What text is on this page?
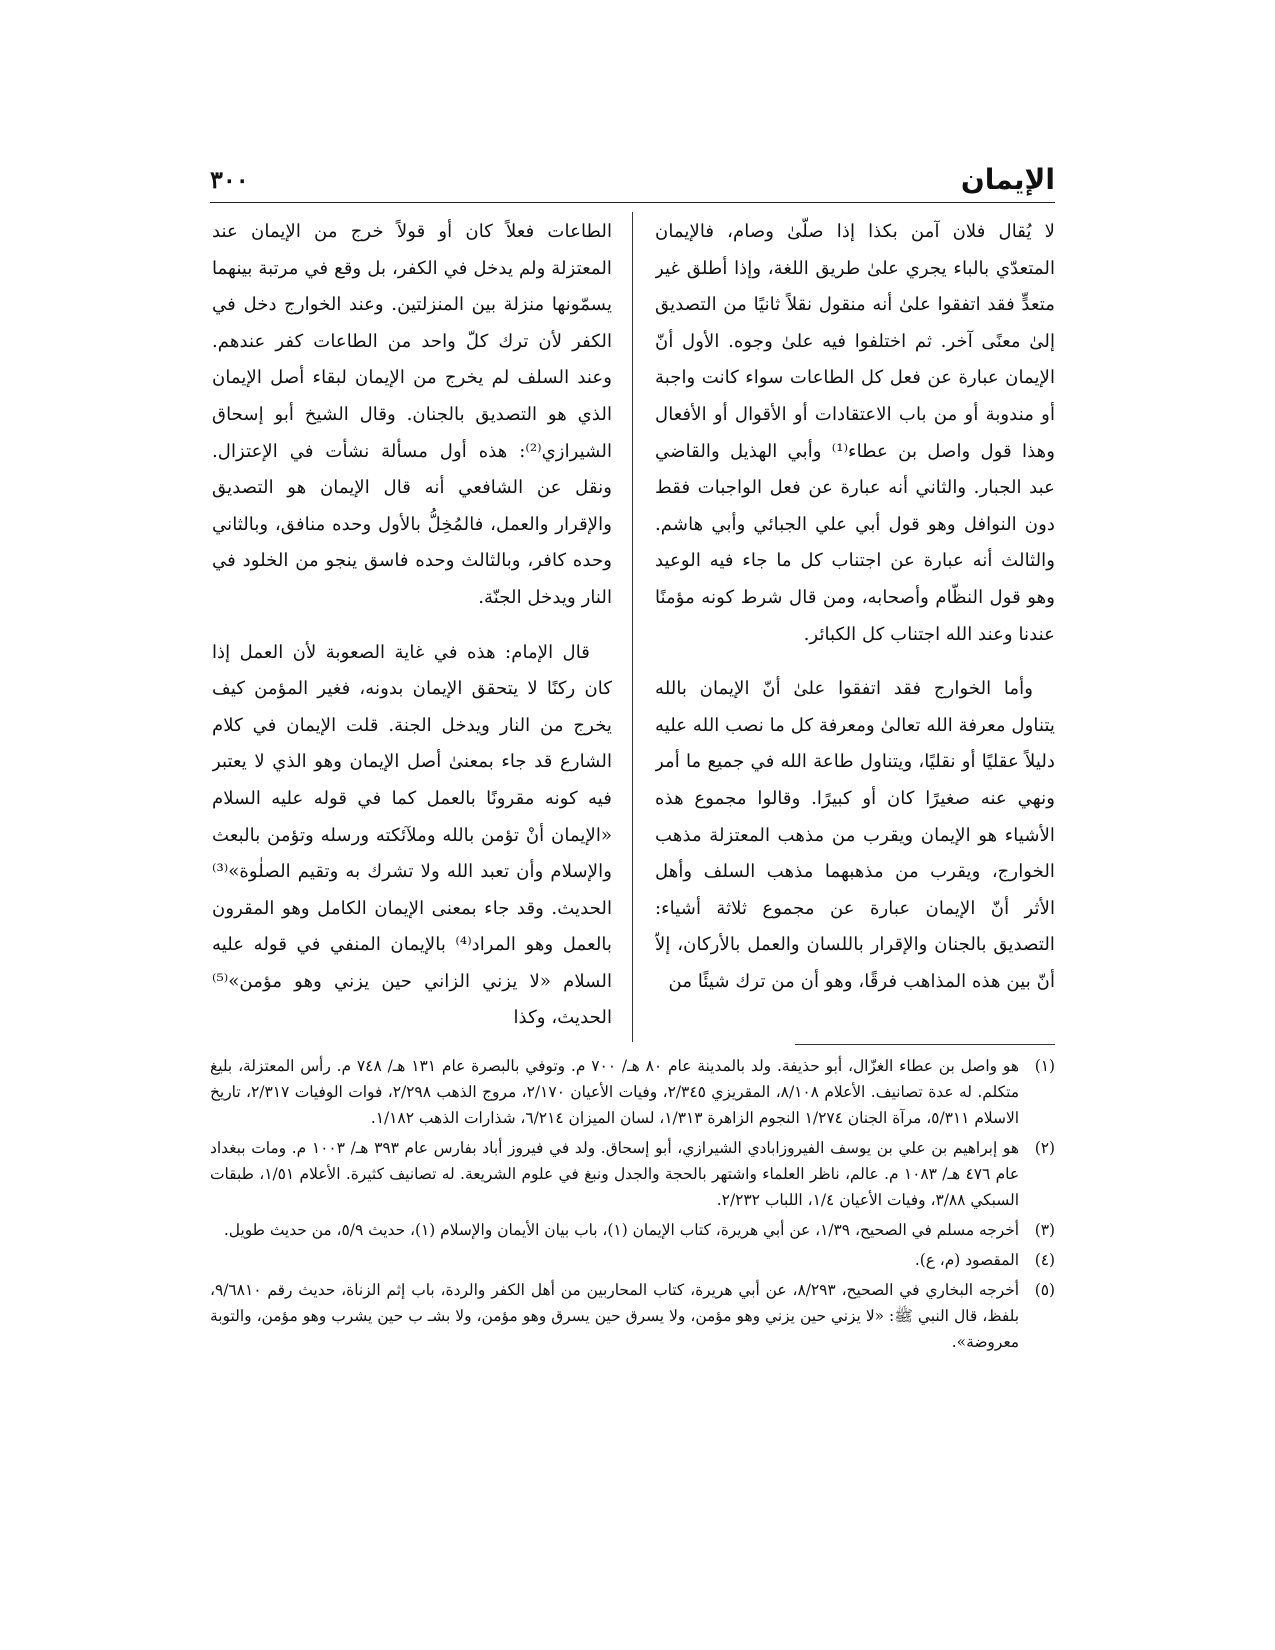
الإيمان
٣٠٠

لا يُقال فلان آمن بكذا إذا صلّىٰ وصام، فالإيمان المتعدّي بالباء يجري علىٰ طريق اللغة، وإذا أطلق غير متعدٍّ فقد اتفقوا علىٰ أنه منقول نقلاً ثانيًا من التصديق إلىٰ معنًى آخر. ثم اختلفوا فيه علىٰ وجوه. الأول أنّ الإيمان عبارة عن فعل كل الطاعات سواء كانت واجبة أو مندوبة أو من باب الاعتقادات أو الأقوال أو الأفعال وهذا قول واصل بن عطاء⁽¹⁾ وأبي الهذيل والقاضي عبد الجبار. والثاني أنه عبارة عن فعل الواجبات فقط دون النوافل وهو قول أبي علي الجبائي وأبي هاشم. والثالث أنه عبارة عن اجتناب كل ما جاء فيه الوعيد وهو قول النظّام وأصحابه، ومن قال شرط كونه مؤمنًا عندنا وعند الله اجتناب كل الكبائر.

وأما الخوارج فقد اتفقوا علىٰ أنّ الإيمان بالله يتناول معرفة الله تعالىٰ ومعرفة كل ما نصب الله عليه دليلاً عقليًا أو نقليًا، ويتناول طاعة الله في جميع ما أمر ونهي عنه صغيرًا كان أو كبيرًا. وقالوا مجموع هذه الأشياء هو الإيمان ويقرب من مذهب المعتزلة مذهب الخوارج، ويقرب من مذهبهما مذهب السلف وأهل الأثر أنّ الإيمان عبارة عن مجموع ثلاثة أشياء: التصديق بالجنان والإقرار باللسان والعمل بالأركان، إلاّ أنّ بين هذه المذاهب فرقًا، وهو أن من ترك شيئًا من

الطاعات فعلاً كان أو قولاً خرج من الإيمان عند المعتزلة ولم يدخل في الكفر، بل وقع في مرتبة بينهما يسمّونها منزلة بين المنزلتين. وعند الخوارج دخل في الكفر لأن ترك كلّ واحد من الطاعات كفر عندهم. وعند السلف لم يخرج من الإيمان لبقاء أصل الإيمان الذي هو التصديق بالجنان. وقال الشيخ أبو إسحاق الشيرازي⁽²⁾: هذه أول مسألة نشأت في الإعتزال. ونقل عن الشافعي أنه قال الإيمان هو التصديق والإقرار والعمل، فالمُخِلُّ بالأول وحده منافق، وبالثاني وحده كافر، وبالثالث وحده فاسق ينجو من الخلود في النار ويدخل الجنّة.

قال الإمام: هذه في غاية الصعوبة لأن العمل إذا كان ركنًا لا يتحقق الإيمان بدونه، فغير المؤمن كيف يخرج من النار ويدخل الجنة. قلت الإيمان في كلام الشارع قد جاء بمعنىٰ أصل الإيمان وهو الذي لا يعتبر فيه كونه مقرونًا بالعمل كما في قوله عليه السلام «الإيمان أنْ تؤمن بالله وملآئكته ورسله وتؤمن بالبعث والإسلام وأن تعبد الله ولا تشرك به وتقيم الصلٰوة»⁽³⁾ الحديث. وقد جاء بمعنى الإيمان الكامل وهو المقرون بالعمل وهو المراد⁽⁴⁾ بالإيمان المنفي في قوله عليه السلام «لا يزني الزاني حين يزني وهو مؤمن»⁽⁵⁾ الحديث، وكذا

(١)
هو واصل بن عطاء الغزّال، أبو حذيفة. ولد بالمدينة عام ٨٠ هـ/ ٧٠٠ م. وتوفي بالبصرة عام ١٣١ هـ/ ٧٤٨ م. رأس المعتزلة، بليغ متكلم. له عدة تصانيف. الأعلام ٨/١٠٨، المقريزي ٢/٣٤٥، وفيات الأعيان ٢/١٧٠، مروج الذهب ٢/٢٩٨، فوات الوفيات ٢/٣١٧، تاريخ الاسلام ٥/٣١١، مرآة الجنان ١/٢٧٤ النجوم الزاهرة ١/٣١٣، لسان الميزان ٦/٢١٤، شذارات الذهب ١/١٨٢.
(٢)
هو إبراهيم بن علي بن يوسف الفيروزابادي الشيرازي، أبو إسحاق. ولد في فيروز أباد بفارس عام ٣٩٣ هـ/ ١٠٠٣ م. ومات ببغداد عام ٤٧٦ هـ/ ١٠٨٣ م. عالم، ناظر العلماء واشتهر بالحجة والجدل ونبغ في علوم الشريعة. له تصانيف كثيرة. الأعلام ١/٥١، طبقات السبكي ٣/٨٨، وفيات الأعيان ١/٤، اللباب ٢/٢٣٢.
(٣)
أخرجه مسلم في الصحيح، ١/٣٩، عن أبي هريرة، كتاب الإيمان (١)، باب بيان الأيمان والإسلام (١)، حديث ٥/٩، من حديث طويل.
(٤)
المقصود (م، ع).
(٥)
أخرجه البخاري في الصحيح، ٨/٢٩٣، عن أبي هريرة، كتاب المحاربين من أهل الكفر والردة، باب إثم الزناة، حديث رقم ٩/٦٨١٠، بلفظ، قال النبي ﷺ: «لا يزني حين يزني وهو مؤمن، ولا يسرق حين يسرق وهو مؤمن، ولا بشـ ب حين يشرب وهو مؤمن، والتوبة معروضة».
